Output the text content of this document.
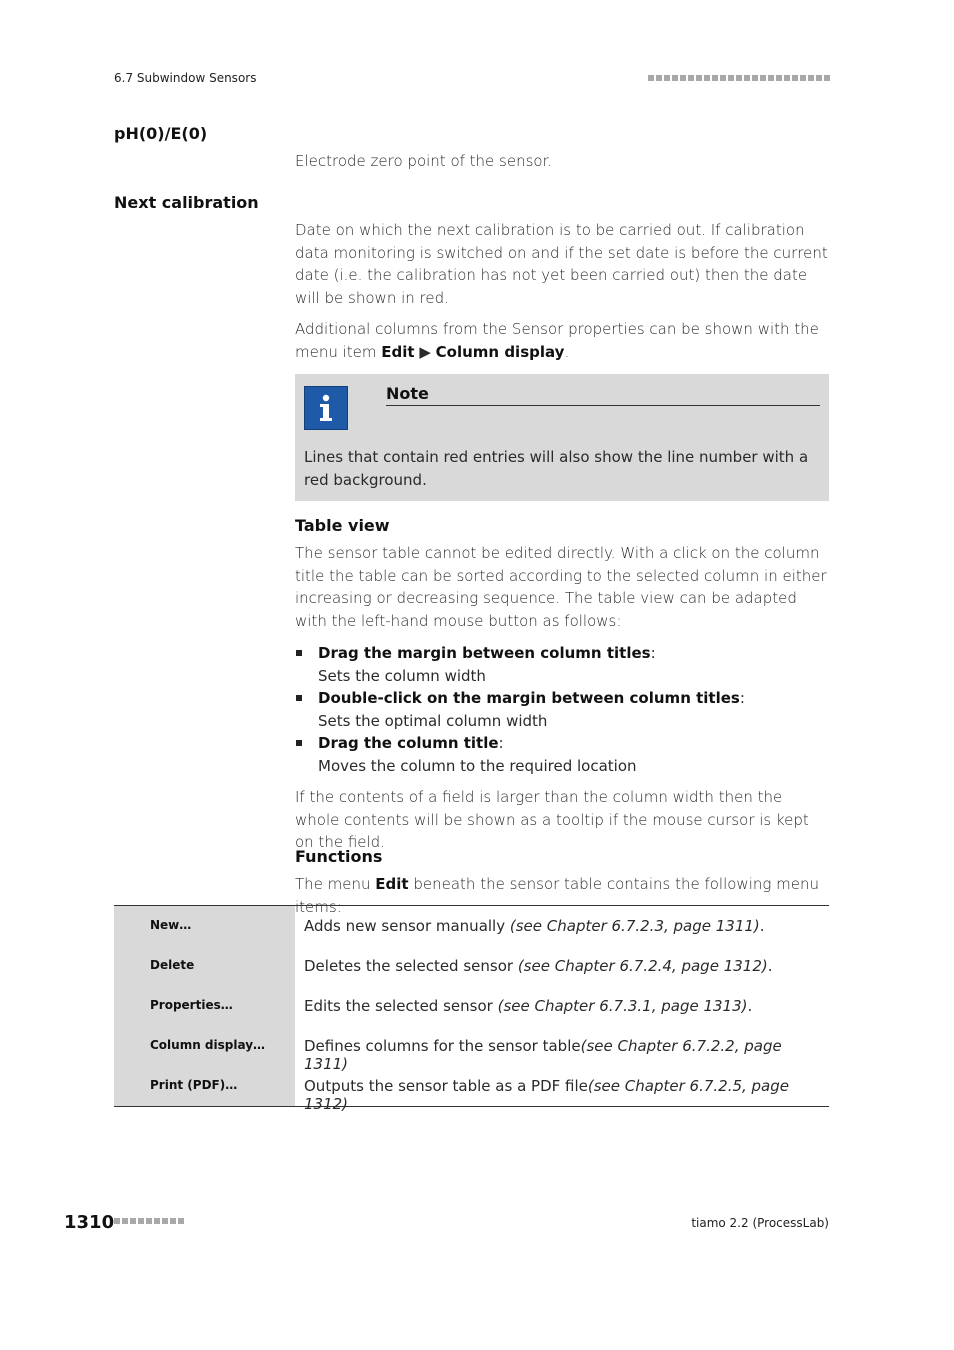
6.7 Subwindow Sensors
pH(0)/E(0)
Electrode zero point of the sensor.
Next calibration
Date on which the next calibration is to be carried out. If calibration data monitoring is switched on and if the set date is before the current date (i.e. the calibration has not yet been carried out) then the date will be shown in red.
Additional columns from the Sensor properties can be shown with the menu item Edit ▶ Column display.
Note
Lines that contain red entries will also show the line number with a red background.
Table view
The sensor table cannot be edited directly. With a click on the column title the table can be sorted according to the selected column in either increasing or decreasing sequence. The table view can be adapted with the left-hand mouse button as follows:
Drag the margin between column titles:
Sets the column width
Double-click on the margin between column titles:
Sets the optimal column width
Drag the column title:
Moves the column to the required location
If the contents of a field is larger than the column width then the whole contents will be shown as a tooltip if the mouse cursor is kept on the field.
Functions
The menu Edit beneath the sensor table contains the following menu items:
New…	Adds new sensor manually (see Chapter 6.7.2.3, page 1311).
Delete	Deletes the selected sensor (see Chapter 6.7.2.4, page 1312).
Properties…	Edits the selected sensor (see Chapter 6.7.3.1, page 1313).
Column display…	Defines columns for the sensor table(see Chapter 6.7.2.2, page 1311)
Print (PDF)…	Outputs the sensor table as a PDF file(see Chapter 6.7.2.5, page 1312)
1310	tiamo 2.2 (ProcessLab)
